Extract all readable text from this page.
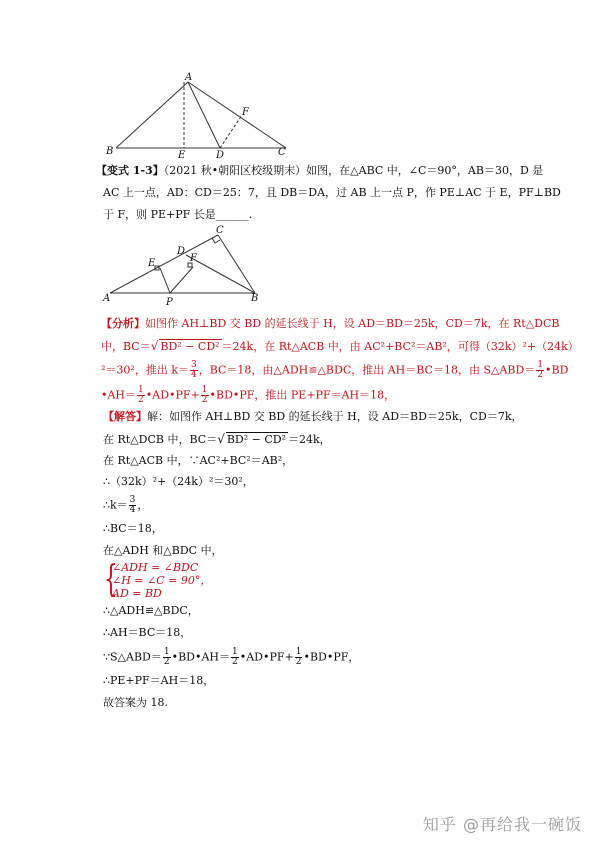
A
B	E	D	C
F
【变式 1-3】（2021 秋•朝阳区校级期末）如图，在△ABC 中，∠C＝90°，AB＝30，D 是
AC 上一点，AD：CD＝25：7，且 DB＝DA，过 AB 上一点 P，作 PE⊥AC 于 E，PF⊥BD
于 F，则 PE+PF 长是______.
C
D
E	F
A	P	B
【分析】如图作 AH⊥BD 交 BD 的延长线于 H，设 AD＝BD＝25k，CD＝7k，在 Rt△DCB
中，BC＝√ BD² − CD² ＝24k，在 Rt△ACB 中，由 AC²+BC²＝AB²，可得（32k）²+（24k）
²＝30²，推出 $k= \frac{3}{4}$ ，BC＝18，由△ADH≌△BDC，推出 AH＝BC＝18，由 S△ABD＝ $\frac{1}{2}$ •BD
•AH＝ $\frac{1}{2}$ •AD•PF+ $\frac{1}{2}$ •BD•PF，推出 PE+PF＝AH＝18，
【解答】解：如图作 AH⊥BD 交 BD 的延长线于 H，设 AD＝BD＝25k，CD＝7k，
在 Rt△DCB 中，BC＝√ BD² − CD² ＝24k，
在 Rt△ACB 中，∵AC²+BC²＝AB²，
∴（32k）²+（24k）²＝30²，
∴k＝ $\frac{3}{4}$ ，
∴BC＝18，
在△ADH 和△BDC 中，
{
∠ADH = ∠BDC
∠H = ∠C = 90°，
AD = BD
∴△ADH≌△BDC，
∴AH＝BC＝18，
∵S△ABD＝ $\frac{1}{2}$ •BD•AH＝ $\frac{1}{2}$ •AD•PF+ $\frac{1}{2}$ •BD•PF，
∴PE+PF＝AH＝18，
故答案为 18.
知乎 @再给我一碗饭
